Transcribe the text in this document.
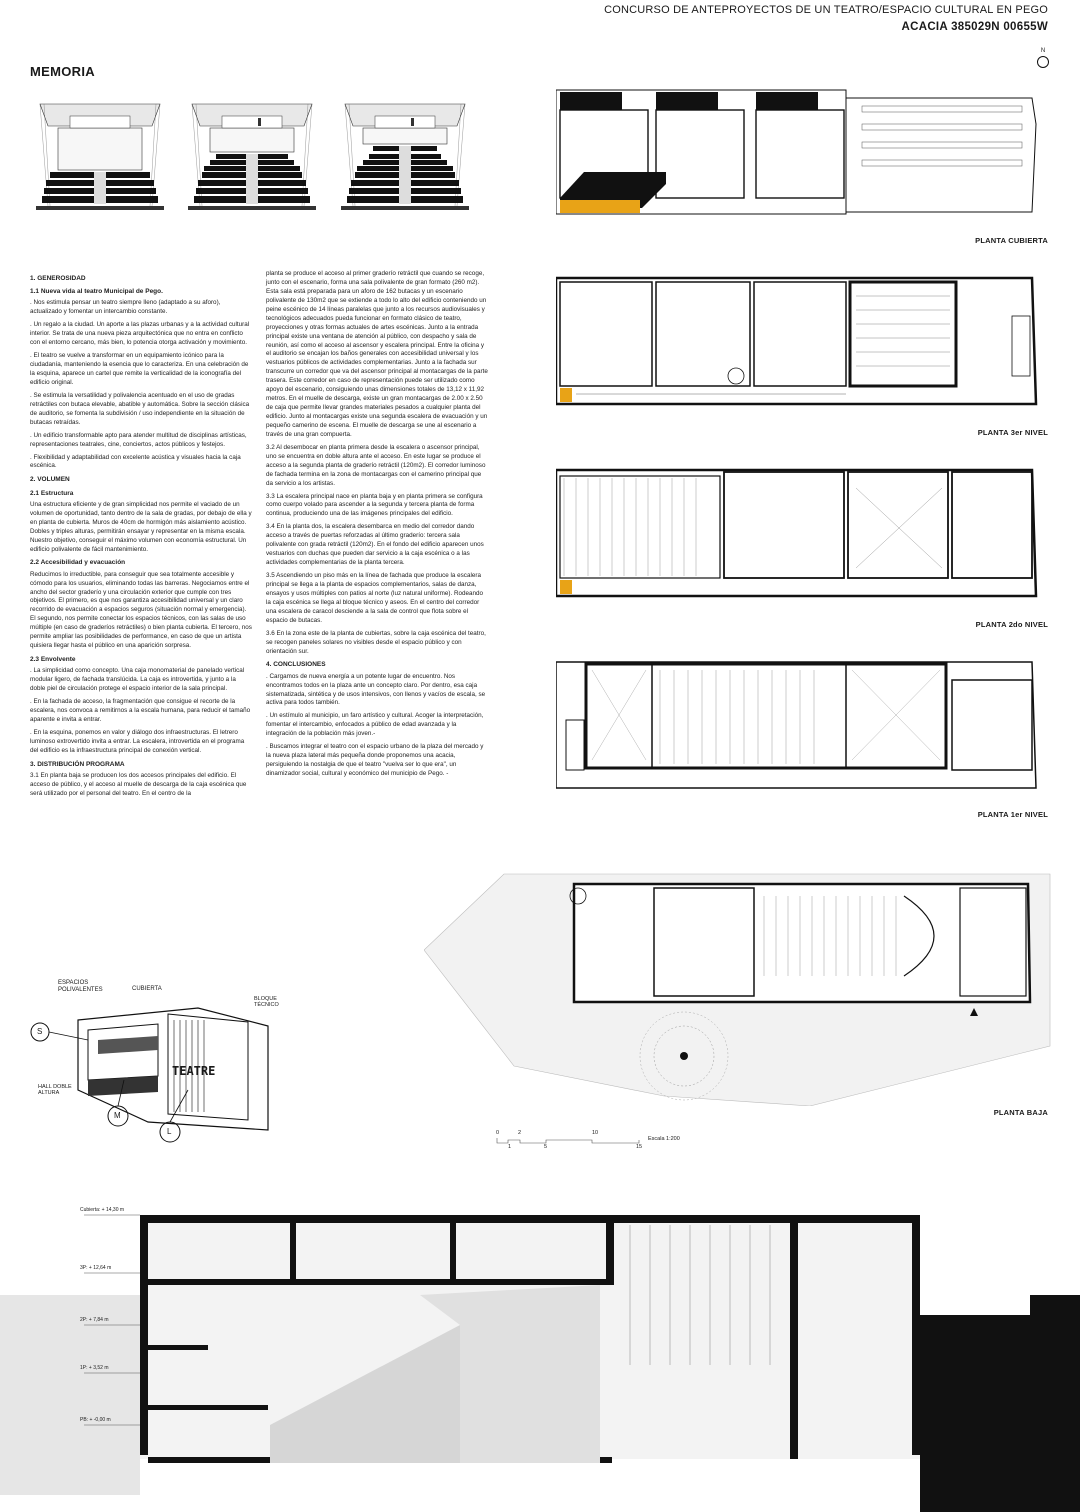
CONCURSO DE ANTEPROYECTOS DE UN TEATRO/ESPACIO CULTURAL EN PEGO
ACACIA 385029N 00655W
N
MEMORIA
1. GENEROSIDAD
1.1 Nueva vida al teatro Municipal de Pego.

. Nos estimula pensar un teatro siempre lleno (adaptado a su aforo), actualizado y fomentar un intercambio constante.

. Un regalo a la ciudad. Un aporte a las plazas urbanas y a la actividad cultural interior. Se trata de una nueva pieza arquitectónica que no entra en conflicto con el entorno cercano, más bien, lo potencia otorga activación y movimiento.

. El teatro se vuelve a transformar en un equipamiento icónico para la ciudadanía, manteniendo la esencia que lo caracteriza. En una celebración de la esquina, aparece un cartel que remite la verticalidad de la iconografía del edificio original.

. Se estimula la versatilidad y polivalencia acentuado en el uso de gradas retráctiles con butaca elevable, abatible y automática. Sobre la sección clásica de auditorio, se fomenta la subdivisión / uso independiente en la situación de butacas retraídas.

. Un edificio transformable apto para atender multitud de disciplinas artísticas, representaciones teatrales, cine, conciertos, actos públicos y festejos.

. Flexibilidad y adaptabilidad con excelente acústica y visuales hacia la caja escénica.

2. VOLUMEN
2.1 Estructura

Una estructura eficiente y de gran simplicidad nos permite el vaciado de un volumen de oportunidad, tanto dentro de la sala de gradas, por debajo de ella y en planta de cubierta. Muros de 40cm de hormigón más aislamiento acústico. Dobles y triples alturas, permitirán ensayar y representar en la misma escala. Nuestro objetivo, conseguir el máximo volumen con economía estructural. Un edificio polivalente de fácil mantenimiento.

2.2 Accesibilidad y evacuación

Reducimos lo irreductible, para conseguir que sea totalmente accesible y cómodo para los usuarios, eliminando todas las barreras. Negociamos entre el ancho del sector graderío y una circulación exterior que cumple con tres objetivos. El primero, es que nos garantiza accesibilidad universal y un claro recorrido de evacuación a espacios seguros (situación normal y emergencia). El segundo, nos permite conectar los espacios técnicos, con las salas de uso múltiple (en caso de graderíos retráctiles) o bien planta cubierta. El tercero, nos permite ampliar las posibilidades de performance, en caso de que un artista quisiera llegar hasta el público en una aparición sorpresa.

2.3 Envolvente

. La simplicidad como concepto. Una caja monomaterial de panelado vertical modular ligero, de fachada translúcida. La caja es introvertida, y junto a la doble piel de circulación protege el espacio interior de la sala principal.

. En la fachada de acceso, la fragmentación que consigue el recorte de la escalera, nos convoca a remitirnos a la escala humana, para reducir el tamaño aparente e invita a entrar.

. En la esquina, ponemos en valor y diálogo dos infraestructuras. El letrero luminoso extrovertido invita a entrar. La escalera, introvertida en el programa del edificio es la infraestructura principal de conexión vertical.

3. DISTRIBUCIÓN PROGRAMA

3.1 En planta baja se producen los dos accesos principales del edificio. El acceso de público, y el acceso al muelle de descarga de la caja escénica que será utilizado por el personal del teatro. En el centro de la

planta se produce el acceso al primer graderío retráctil que cuando se recoge, junto con el escenario, forma una sala polivalente de gran formato (260 m2). Esta sala está preparada para un aforo de 162 butacas y un escenario polivalente de 130m2 que se extiende a todo lo alto del edificio conteniendo un peine escénico de 14 líneas paralelas que junto a los recursos audiovisuales y tecnológicos adecuados pueda funcionar en formato clásico de teatro, proyecciones y otras formas actuales de artes escénicas. Junto a la entrada principal existe una ventana de atención al público, con despacho y sala de reunión, así como el acceso al ascensor y escalera principal. Entre la oficina y el auditorio se encajan los baños generales con accesibilidad universal y los vestuarios públicos de actividades complementarias. Junto a la fachada sur transcurre un corredor que va del ascensor principal al montacargas de la parte trasera. Este corredor en caso de representación puede ser utilizado como apoyo del escenario, consiguiendo unas dimensiones totales de 13,12 x 11,92 metros. En el muelle de descarga, existe un gran montacargas de 2.00 x 2.50 de caja que permite llevar grandes materiales pesados a cualquier planta del edificio. Junto al montacargas existe una segunda escalera de evacuación y un pequeño camerino de escena. El muelle de descarga se une al escenario a través de una gran compuerta.

3.2 Al desembocar en planta primera desde la escalera o ascensor principal, uno se encuentra en doble altura ante el acceso. En este lugar se produce el acceso a la segunda planta de graderío retráctil (120m2). El corredor luminoso de fachada termina en la zona de montacargas con el camerino principal que da servicio a los artistas.

3.3 La escalera principal nace en planta baja y en planta primera se configura como cuerpo volado para ascender a la segunda y tercera planta de forma continua, produciendo una de las imágenes principales del edificio.

3.4 En la planta dos, la escalera desembarca en medio del corredor dando acceso a través de puertas reforzadas al último graderío: tercera sala polivalente con grada retráctil (120m2). En el fondo del edificio aparecen unos vestuarios con duchas que pueden dar servicio a la caja escénica o a las actividades complementarias de la planta tercera.

3.5 Ascendiendo un piso más en la línea de fachada que produce la escalera principal se llega a la planta de espacios complementarios, salas de danza, ensayos y usos múltiples con patios al norte (luz natural uniforme). Rodeando la caja escénica se llega al bloque técnico y aseos. En el centro del corredor una escalera de caracol desciende a la sala de control que flota sobre el espacio de butacas.

3.6 En la zona este de la planta de cubiertas, sobre la caja escénica del teatro, se recogen paneles solares no visibles desde el espacio público y con orientación sur.

4. CONCLUSIONES

. Cargamos de nueva energía a un potente lugar de encuentro. Nos encontramos todos en la plaza ante un concepto claro. Por dentro, esa caja sistematizada, sintética y de usos intensivos, con llenos y vacíos de escala, se activa para todos también.

. Un estímulo al municipio, un faro artístico y cultural. Acoger la interpretación, fomentar el intercambio, enfocados a público de edad avanzada y la integración de la población más joven.-

. Buscamos integrar el teatro con el espacio urbano de la plaza del mercado y la nueva plaza lateral más pequeña donde proponemos una acacia, persiguiendo la nostalgia de que el teatro "vuelva ser lo que era", un dinamizador social, cultural y económico del municipio de Pego. -

PLANTA CUBIERTA
PLANTA 3er NIVEL
PLANTA 2do NIVEL
PLANTA 1er NIVEL
PLANTA BAJA
0	2	10
1	5	15
Escala 1:200
ESPACIOS POLIVALENTES	CUBIERTA
BLOQUE TÉCNICO
HALL DOBLE ALTURA
TEATRE
S
M
L
Cubierta: + 14,30 m
3P: + 12,64 m
2P: + 7,84 m
1P: + 3,52 m
PB: + -0,00 m
